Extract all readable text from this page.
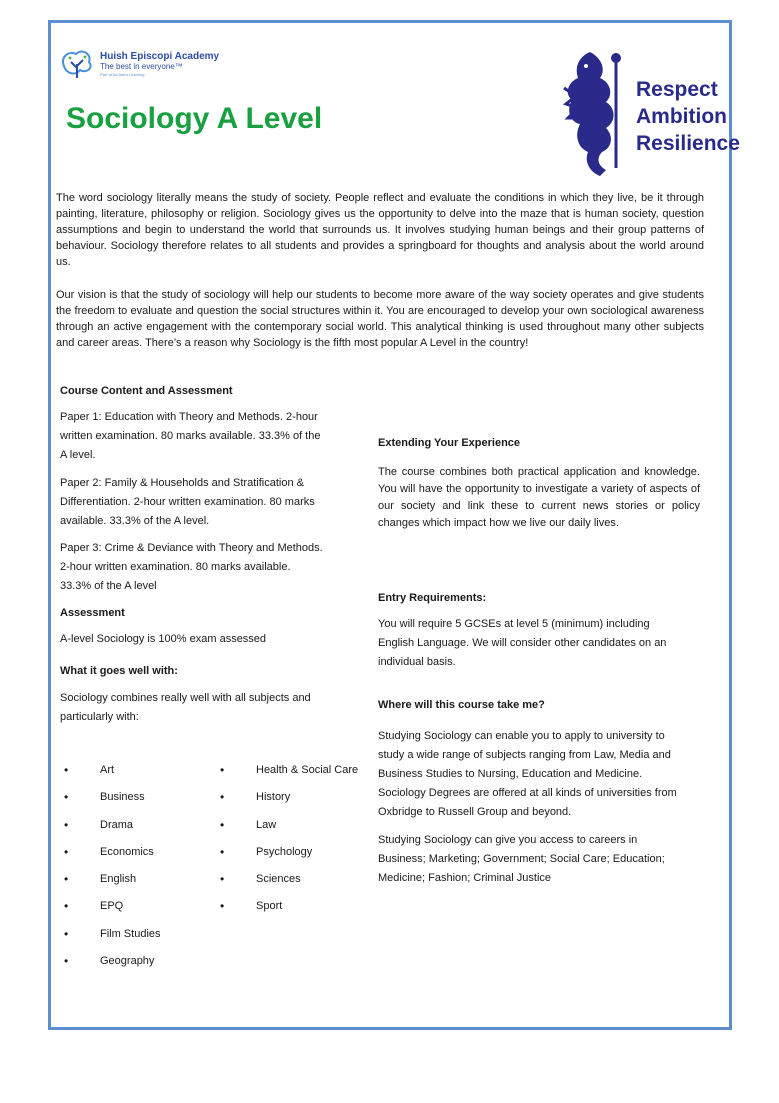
Huish Episcopi Academy
The best in everyone™
Part of Ad Astra Learning
Sociology A Level
Respect
Ambition
Resilience

The word sociology literally means the study of society. People reflect and evaluate the conditions in which they live, be it through painting, literature, philosophy or religion. Sociology gives us the opportunity to delve into the maze that is human society, question assumptions and begin to understand the world that surrounds us. It involves studying human beings and their group patterns of behaviour. Sociology therefore relates to all students and provides a springboard for thoughts and analysis about the world around us.

Our vision is that the study of sociology will help our students to become more aware of the way society operates and give students the freedom to evaluate and question the social structures within it. You are encouraged to develop your own sociological awareness through an active engagement with the contemporary social world. This analytical thinking is used throughout many other subjects and career areas. There’s a reason why Sociology is the fifth most popular A Level in the country!

Course Content and Assessment

Paper 1: Education with Theory and Methods. 2-hour written examination. 80 marks available. 33.3% of the A level.

Paper 2: Family & Households and Stratification & Differentiation. 2-hour written examination. 80 marks available. 33.3% of the A level.

Paper 3: Crime & Deviance with Theory and Methods. 2-hour written examination. 80 marks available. 33.3% of the A level

Assessment

A-level Sociology is 100% exam assessed

What it goes well with:

Sociology combines really well with all subjects and particularly with:

• Art
• Business
• Drama
• Economics
• English
• EPQ
• Film Studies
• Geography
• Health & Social Care
• History
• Law
• Psychology
• Sciences
• Sport
Extending Your Experience

The course combines both practical application and knowledge. You will have the opportunity to investigate a variety of aspects of our society and link these to current news stories or policy changes which impact how we live our daily lives.

Entry Requirements:

You will require 5 GCSEs at level 5 (minimum) including English Language. We will consider other candidates on an individual basis.

Where will this course take me?

Studying Sociology can enable you to apply to university to study a wide range of subjects ranging from Law, Media and Business Studies to Nursing, Education and Medicine. Sociology Degrees are offered at all kinds of universities from Oxbridge to Russell Group and beyond.

Studying Sociology can give you access to careers in Business; Marketing; Government; Social Care; Education; Medicine; Fashion; Criminal Justice
